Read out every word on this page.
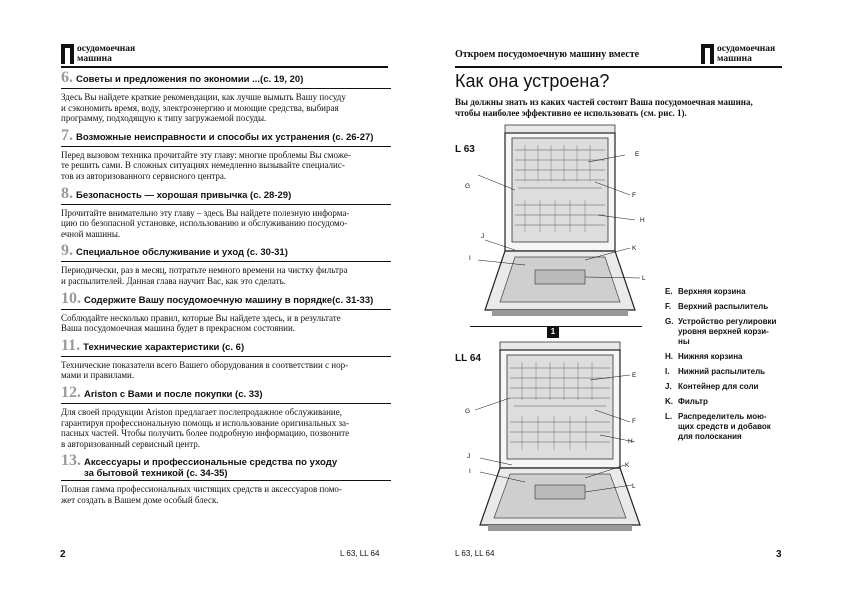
осудомоечная
машина
6. Советы и предложения по экономии ...(с. 19, 20)
Здесь Вы найдете краткие рекомендации, как лучше вымыть Вашу посуду
и сэкономить время, воду, электроэнергию и моющие средства, выбирая
программу, подходящую к типу загружаемой посуды.
7. Возможные неисправности и способы их устранения (с. 26-27)
Перед вызовом техника прочитайте эту главу: многие проблемы Вы сможе-
те решить сами. В сложных ситуациях немедленно вызывайте специалис-
тов из авторизованного сервисного центра.
8. Безопасность — хорошая привычка (с. 28-29)
Прочитайте внимательно эту главу – здесь Вы найдете полезную информа-
цию по безопасной установке, использованию и обслуживанию посудомо-
ечной машины.
9. Специальное обслуживание и уход (с. 30-31)
Периодически, раз в месяц, потратьте немного времени на чистку фильтра
и распылителей. Данная глава научит Вас, как это сделать.
10. Содержите Вашу посудомоечную машину в порядке(с. 31-33)
Соблюдайте несколько правил, которые Вы найдете здесь, и в результате
Ваша посудомоечная машина будет в прекрасном состоянии.
11. Технические характеристики (с. 6)
Технические показатели всего Вашего оборудования в соответствии с нор-
мами и правилами.
12. Ariston с Вами и после покупки (с. 33)
Для своей продукции Ariston предлагает послепродажное обслуживание,
гарантируя профессиональную помощь и использование оригинальных за-
пасных частей. Чтобы получить более подробную информацию, позвоните
в авторизованный сервисный центр.
13. Аксессуары и профессиональные средства по уходу
за бытовой техникой (с. 34-35)
Полная гамма профессиональных чистящих средств и аксессуаров помо-
жет создать в Вашем доме особый блеск.
2	L 63, LL 64
Откроем посудомоечную машину вместе	осудомоечная
машина
Как она устроена?
Вы должны знать из каких частей состоит Ваша посудомоечная машина,
чтобы наиболее эффективно ее использовать (см. рис. 1).
L 63
LL 64
E
G
F
H
J
K
I
L
1
E
G
F
H
J
K
I
L
E. Верхняя корзина
F. Верхний распылитель
G. Устройство регулировки
уровня верхней корзи-
ны
H. Нижняя корзина
I.	Нижний распылитель
J. Контейнер для соли
K. Фильтр
L. Распределитель мою-
щих средств и добавок
для полоскания
L 63, LL 64	3
